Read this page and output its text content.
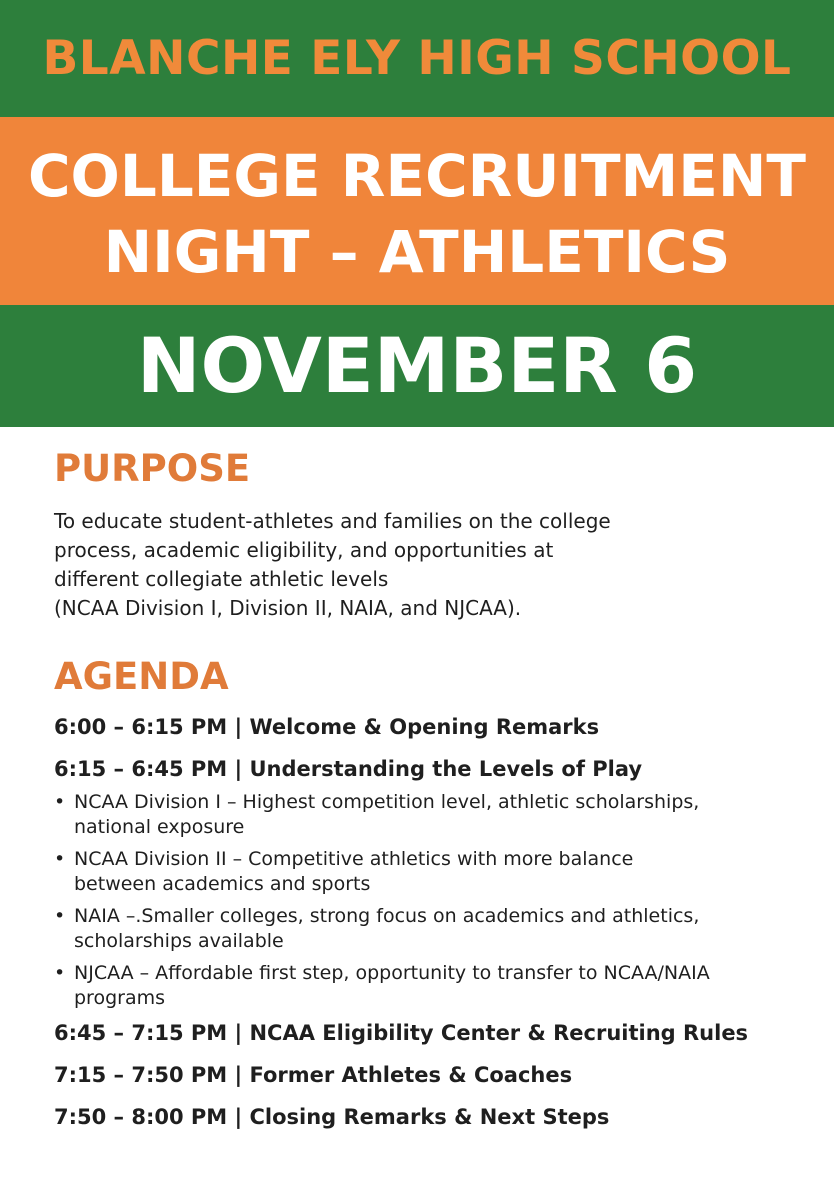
BLANCHE ELY HIGH SCHOOL
COLLEGE RECRUITMENT
NIGHT – ATHLETICS
NOVEMBER 6
PURPOSE

To educate student-athletes and families on the college
process, academic eligibility, and opportunities at
different collegiate athletic levels
(NCAA Division I, Division II, NAIA, and NJCAA).

AGENDA
6:00 – 6:15 PM | Welcome & Opening Remarks
6:15 – 6:45 PM | Understanding the Levels of Play
• NCAA Division I – Highest competition level, athletic scholarships,
national exposure
• NCAA Division II – Competitive athletics with more balance
between academics and sports
• NAIA –.Smaller colleges, strong focus on academics and athletics,
scholarships available
• NJCAA – Affordable first step, opportunity to transfer to NCAA/NAIA
programs
6:45 – 7:15 PM | NCAA Eligibility Center & Recruiting Rules
7:15 – 7:50 PM | Former Athletes & Coaches
7:50 – 8:00 PM | Closing Remarks & Next Steps
